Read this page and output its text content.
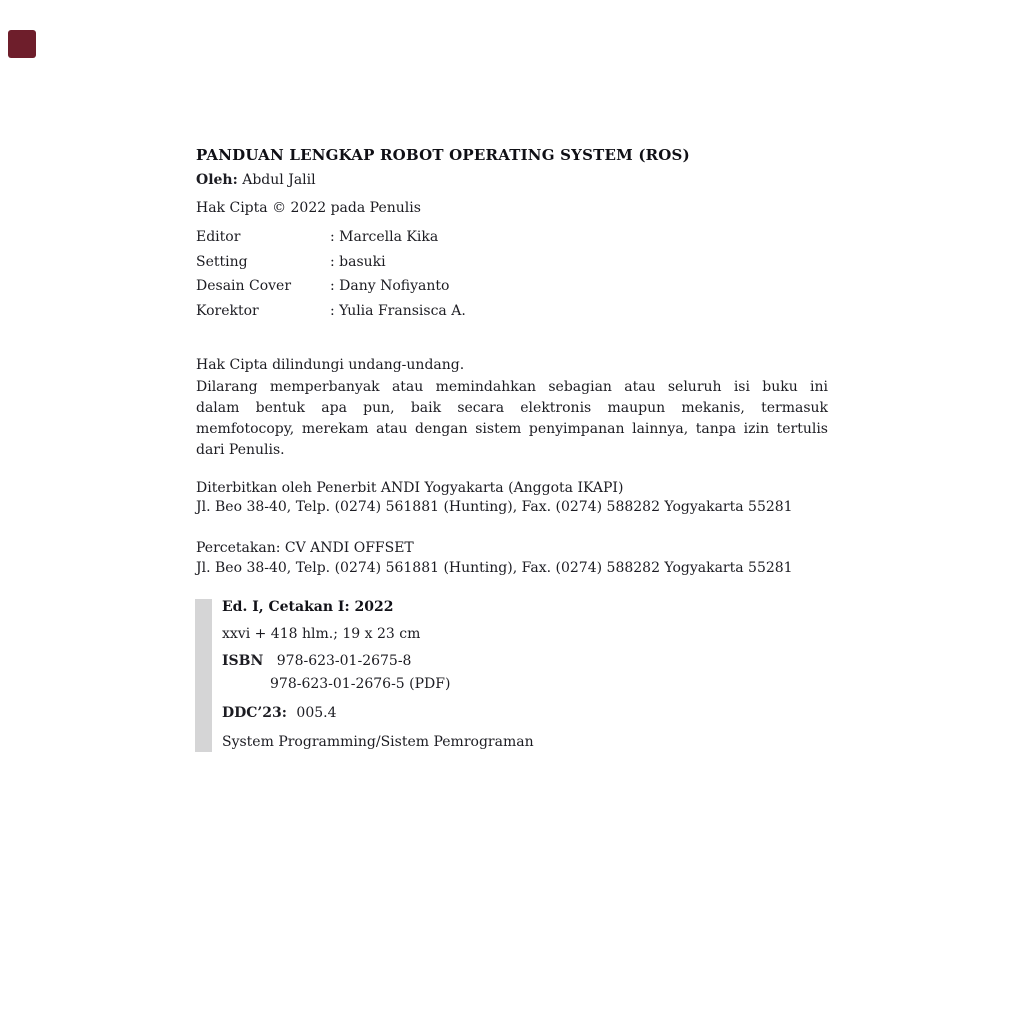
PANDUAN LENGKAP ROBOT OPERATING SYSTEM (ROS)
Oleh: Abdul Jalil
Hak Cipta © 2022 pada Penulis
Editor	: Marcella Kika
Setting	: basuki
Desain Cover	: Dany Nofiyanto
Korektor	: Yulia Fransisca A.
Hak Cipta dilindungi undang-undang.
Dilarang memperbanyak atau memindahkan sebagian atau seluruh isi buku ini
dalam bentuk apa pun, baik secara elektronis maupun mekanis, termasuk
memfotocopy, merekam atau dengan sistem penyimpanan lainnya, tanpa izin tertulis
dari Penulis.
Diterbitkan oleh Penerbit ANDI Yogyakarta (Anggota IKAPI)
Jl. Beo 38-40, Telp. (0274) 561881 (Hunting), Fax. (0274) 588282 Yogyakarta 55281
Percetakan: CV ANDI OFFSET
Jl. Beo 38-40, Telp. (0274) 561881 (Hunting), Fax. (0274) 588282 Yogyakarta 55281
Ed. I, Cetakan I: 2022
xxvi + 418 hlm.; 19 x 23 cm
ISBN 978-623-01-2675-8
978-623-01-2676-5 (PDF)
DDC’23: 005.4
System Programming/Sistem Pemrograman
